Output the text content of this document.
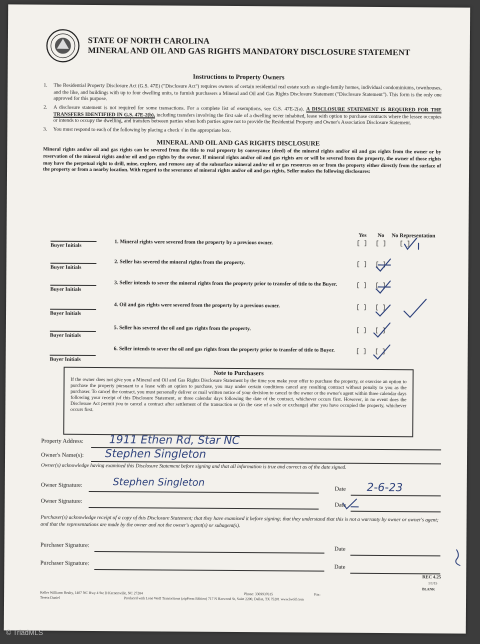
STATE OF NORTH CAROLINA
MINERAL AND OIL AND GAS RIGHTS MANDATORY DISCLOSURE STATEMENT
Instructions to Property Owners
1. The Residential Property Disclosure Act (G.S. 47E) ("Disclosure Act") requires owners of certain residential real estate such as single-family homes, individual condominiums, townhouses, and the like, and buildings with up to four dwelling units, to furnish purchasers a Mineral and Oil and Gas Rights Disclosure Statement ("Disclosure Statement"). This form is the only one approved for this purpose.
2. A disclosure statement is not required for some transactions. For a complete list of exemptions, see G.S. 47E-2(a). A DISCLOSURE STATEMENT IS REQUIRED FOR THE TRANSFERS IDENTIFIED IN G.S. 47E-2(b), including transfers involving the first sale of a dwelling never inhabited, lease with option to purchase contracts where the lessee occupies or intends to occupy the dwelling, and transfers between parties when both parties agree not to provide the Residential Property and Owner's Association Disclosure Statement.
3. You must respond to each of the following by placing a check √ in the appropriate box.
MINERAL AND OIL AND GAS RIGHTS DISCLOSURE
Mineral rights and/or oil and gas rights can be severed from the title to real property by conveyance (deed) of the mineral rights and/or oil and gas rights from the owner or by reservation of the mineral rights and/or oil and gas rights by the owner. If mineral rights and/or oil and gas rights are or will be severed from the property, the owner of those rights may have the perpetual right to drill, mine, explore, and remove any of the subsurface mineral and/or oil or gas resources on or from the property either directly from the surface of the property or from a nearby location. With regard to the severance of mineral rights and/or oil and gas rights, Seller makes the following disclosures:
Yes No No Representation
Buyer Initials	1. Mineral rights were severed from the property by a previous owner.	[ ] [ ] [ ]
Buyer Initials
2. Seller has severed the mineral rights from the property.	[ ] [ ]
Buyer Initials
3. Seller intends to sever the mineral rights from the property prior to transfer of title to the Buyer.	[ ] [ ]
Buyer Initials
4. Oil and gas rights were severed from the property by a previous owner.	[ ] [ ]
Buyer Initials
5. Seller has severed the oil and gas rights from the property.	[ ] [ ]
Buyer Initials
6. Seller intends to sever the oil and gas rights from the property prior to transfer of title to Buyer.	[ ] [ ]
Note to Purchasers
If the owner does not give you a Mineral and Oil and Gas Rights Disclosure Statement by the time you make your offer to purchase the property, or exercise an option to purchase the property pursuant to a lease with an option to purchase, you may under certain conditions cancel any resulting contract without penalty to you as the purchaser. To cancel the contract, you must personally deliver or mail written notice of your decision to cancel to the owner or the owner's agent within three calendar days following your receipt of this Disclosure Statement, or three calendar days following the date of the contract, whichever occurs first. However, in no event does the Disclosure Act permit you to cancel a contract after settlement of the transaction or (in the case of a sale or exchange) after you have occupied the property, whichever occurs first.
Property Address: 1911 Ethen Rd, Star NC
Owner's Name(s): Stephen Singleton
Owner(s) acknowledge having examined this Disclosure Statement before signing and that all information is true and correct as of the date signed.
Owner Signature:	Stephen Singleton
Date 2-6-23
Owner Signature:
Date
Purchaser(s) acknowledge receipt of a copy of this Disclosure Statement; that they have examined it before signing; that they understand that this is not a warranty by owner or owner's agent; and that the representations are made by the owner and not the owner's agent(s) or subagent(s).
Purchaser Signature:
Date
Purchaser Signature:
Date
REC 4.25
1/1/15
BLANK
Keller Williams Realty, 1407 NC Hwy 4 Ste D Kernersville, NC 27284
Teresa Daniel
Phone: 3369937615	Fax:
Produced with Lone Wolf Transactions (zipForm Edition) 717 N Harwood St, Suite 2200, Dallas, TX 75201 www.lwolf.com
© TriadMLS
